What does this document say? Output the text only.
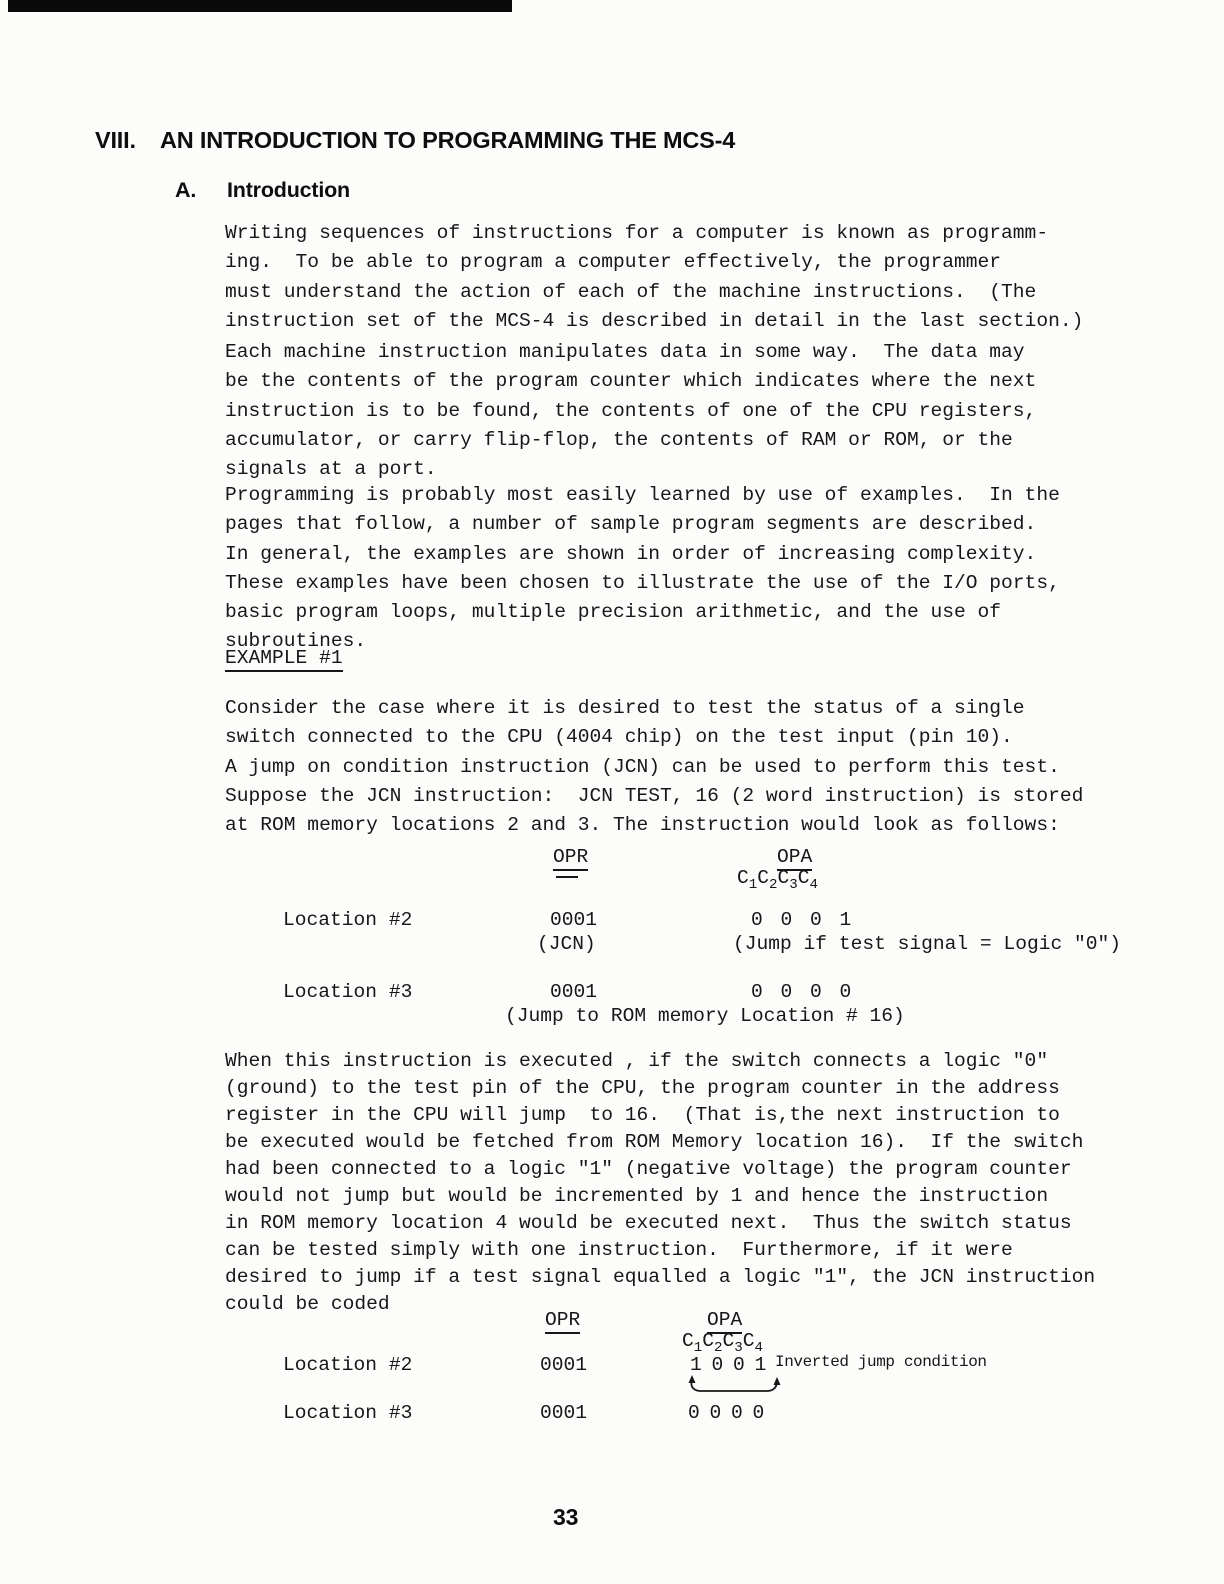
VIII. AN INTRODUCTION TO PROGRAMMING THE MCS-4
A. Introduction
Writing sequences of instructions for a computer is known as programm-
ing.  To be able to program a computer effectively, the programmer
must understand the action of each of the machine instructions.  (The
instruction set of the MCS-4 is described in detail in the last section.)
Each machine instruction manipulates data in some way.  The data may
be the contents of the program counter which indicates where the next
instruction is to be found, the contents of one of the CPU registers,
accumulator, or carry flip-flop, the contents of RAM or ROM, or the
signals at a port.
Programming is probably most easily learned by use of examples.  In the
pages that follow, a number of sample program segments are described.
In general, the examples are shown in order of increasing complexity.
These examples have been chosen to illustrate the use of the I/O ports,
basic program loops, multiple precision arithmetic, and the use of
subroutines.
EXAMPLE #1
Consider the case where it is desired to test the status of a single
switch connected to the CPU (4004 chip) on the test input (pin 10).
A jump on condition instruction (JCN) can be used to perform this test.
Suppose the JCN instruction:  JCN TEST, 16 (2 word instruction) is stored
at ROM memory locations 2 and 3. The instruction would look as follows:
OPR	OPA
$C_1C_2C_3C_4$
Location #2	0001	0 0 0 1
(JCN)	(Jump if test signal = Logic "0")
Location #3	0001	0 0 0 0
(Jump to ROM memory Location # 16)
When this instruction is executed , if the switch connects a logic "0"
(ground) to the test pin of the CPU, the program counter in the address
register in the CPU will jump  to 16.  (That is,the next instruction to
be executed would be fetched from ROM Memory location 16).  If the switch
had been connected to a logic "1" (negative voltage) the program counter
would not jump but would be incremented by 1 and hence the instruction
in ROM memory location 4 would be executed next.  Thus the switch status
can be tested simply with one instruction.  Furthermore, if it were
desired to jump if a test signal equalled a logic "1", the JCN instruction
could be coded
OPR	OPA
$C_1C_2C_3C_4$
Location #2	0001	1 0 0 1 Inverted jump condition
Location #3	0001	0 0 0 0
33
